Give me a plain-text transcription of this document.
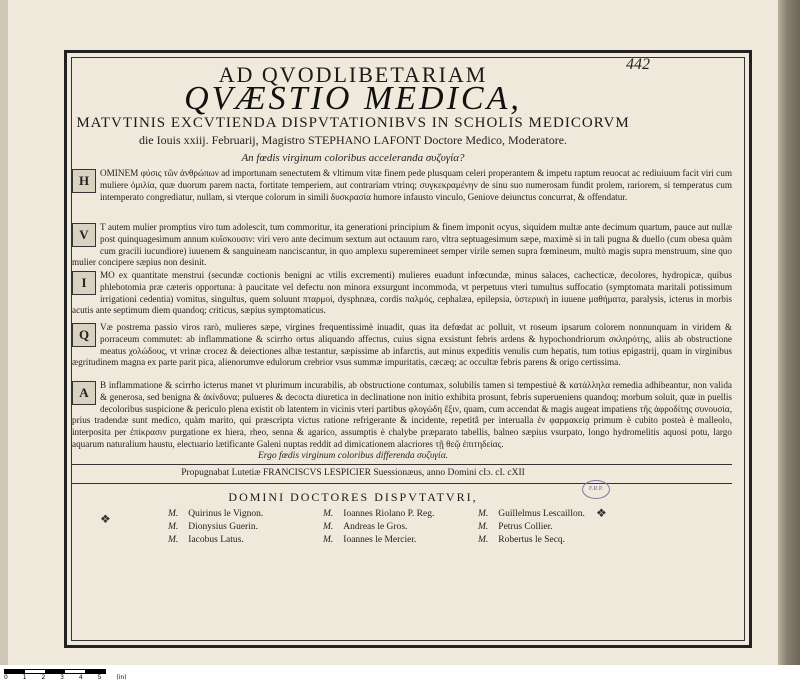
442
AD QVODLIBETARIAM
QVÆSTIO MEDICA,
MATVTINIS EXCVTIENDA DISPVTATIONIBVS IN SCHOLIS MEDICORVM
die Iouis xxiij. Februarij, Magistro STEPHANO LAFONT Doctore Medico, Moderatore.
An fœdis virginum coloribus acceleranda συζυγία?

H
OMINEM φύσις τῶν ἀνθρώπων ad importunam senectutem & vltimum vitæ finem pede plusquam celeri properantem & impetu raptum reuocat ac rediuiuum facit viri cum muliere ὁμιλία, quæ duorum parem nacta, fortitate temperiem, aut contrariam vtrinq; συγκεκραμένην de sinu suo numerosam fundit prolem, rariorem, si temperatus cum intemperato congrediatur, nullam, si vterque colorum in simili δυσκρασία humore infausto vinculo, Geniove deiunctus concurrat, & offendatur.

V
T autem mulier promptius viro tum adolescit, tum commoritur, ita generationi principium & finem imponit ocyus, siquidem multæ ante decimum quartum, pauce aut nullæ post quinquagesimum annum κυΐσκουσιν: viri vero ante decimum sextum aut octauum raro, vltra septuagesimum sæpe, maximè si in tali pugna & duello (cum obesa quàm cum gracili iucundiore) iuuenem & sanguineam nanciscantur, in quo amplexu superemineet semper virile semen supra fœmineum, multò magis supra menstruum, sine quo mulier concipere sæpius non desinit.

I
MO ex quantitate menstrui (secundæ coctionis benigni ac vtilis excrementi) mulieres euadunt infœcundæ, minus salaces, cachecticæ, decolores, hydropicæ, quibus phlebotomia præ cæteris opportuna: à paucitate vel defectu non minora exsurgunt incommoda, vt perpetuus vteri tumultus suffocatio (symptomata maritali potissimum irrigationi cedentia) vomitus, singultus, quem soluunt πταρμοί, dysphnæa, cordis παλμός, cephalæa, epilepsia, ὑστερικὴ in iuuene μαθήματα, paralysis, icterus in morbis acutis ante septimum diem quandoq; criticus, sæpius symptomaticus.

Q
Væ postrema passio viros rarò, mulieres sæpe, virgines frequentissimè inuadit, quas ita defœdat ac polluit, vt roseum ipsarum colorem nonnunquam in viridem & porraceum commutet: ab inflammatione & scirrho ortus aliquando affectus, cuius signa exsistunt febris ardens & hypochondriorum σκληρότης, aliis ab obstructione meatus χολώδους, vt vrinæ crocez & deiectiones albæ testantur, sæpissime ab infarctis, aut minus expeditis venulis cum hepatis, tum totius epigastrij, quam in virginibus ægritudinem magna ex parte parit pica, alienorumve edulorum crebrior vsus summæ impuritatis, cæcæq; ac occultæ febris parens & origo certissima.

A
B inflammatione & scirrho icterus manet vt plurimum incurabilis, ab obstructione contumax, solubilis tamen si tempestiuè & κατάλληλα remedia adhibeantur, non valida & generosa, sed benigna & ἀκίνδυνα; pulueres & decocta diuretica in declinatione non initio exhibita prosunt, febris superueniens quandoq; morbum soluit, quæ in puellis decoloribus suspicione & periculo plena existit ob latentem in vicinis vteri partibus φλογώδη ἕξιν, quam, cum accendat & magis augeat impatiens τῆς ἀφροδίτης συνουσία, prius tradendæ sunt medico, quàm marito, qui præscripta victus ratione refrigerante & incidente, repetitâ per interualla ἐν φαρμακείᾳ primum è cubito posteà è malleolo, interposita per ἐπίκρασιν purgatione ex hiera, rheo, senna & agarico, assumptis è chalybe præparato tabellis, balneo sæpius vsurpato, longo hydromelitis aquosi potu, largo aquarum naturalium haustu, electuario lætificante Galeni nuptas reddit ad dimicationem alacriores τῇ θεῷ ἐπιτηδείας.

Ergo fœdis virginum coloribus differenda συζυγία.
Propugnabat Lutetiæ FRANCISCVS LESPICIER Suessionæus, anno Domini cIɔ. cI. cXII
DOMINI DOCTORES DISPVTATVRI,
F.R.P.
❖	❖
M. Quirinus le Vignon.
M. Dionysius Guerin.
M. Iacobus Latus.
M. Ioannes Riolano P. Reg.
M. Andreas le Gros.
M. Ioannes le Mercier.
M. Guillelmus Lescaillon.
M. Petrus Collier.
M. Robertus le Secq.
0 1 2 3 4 5 (in)
